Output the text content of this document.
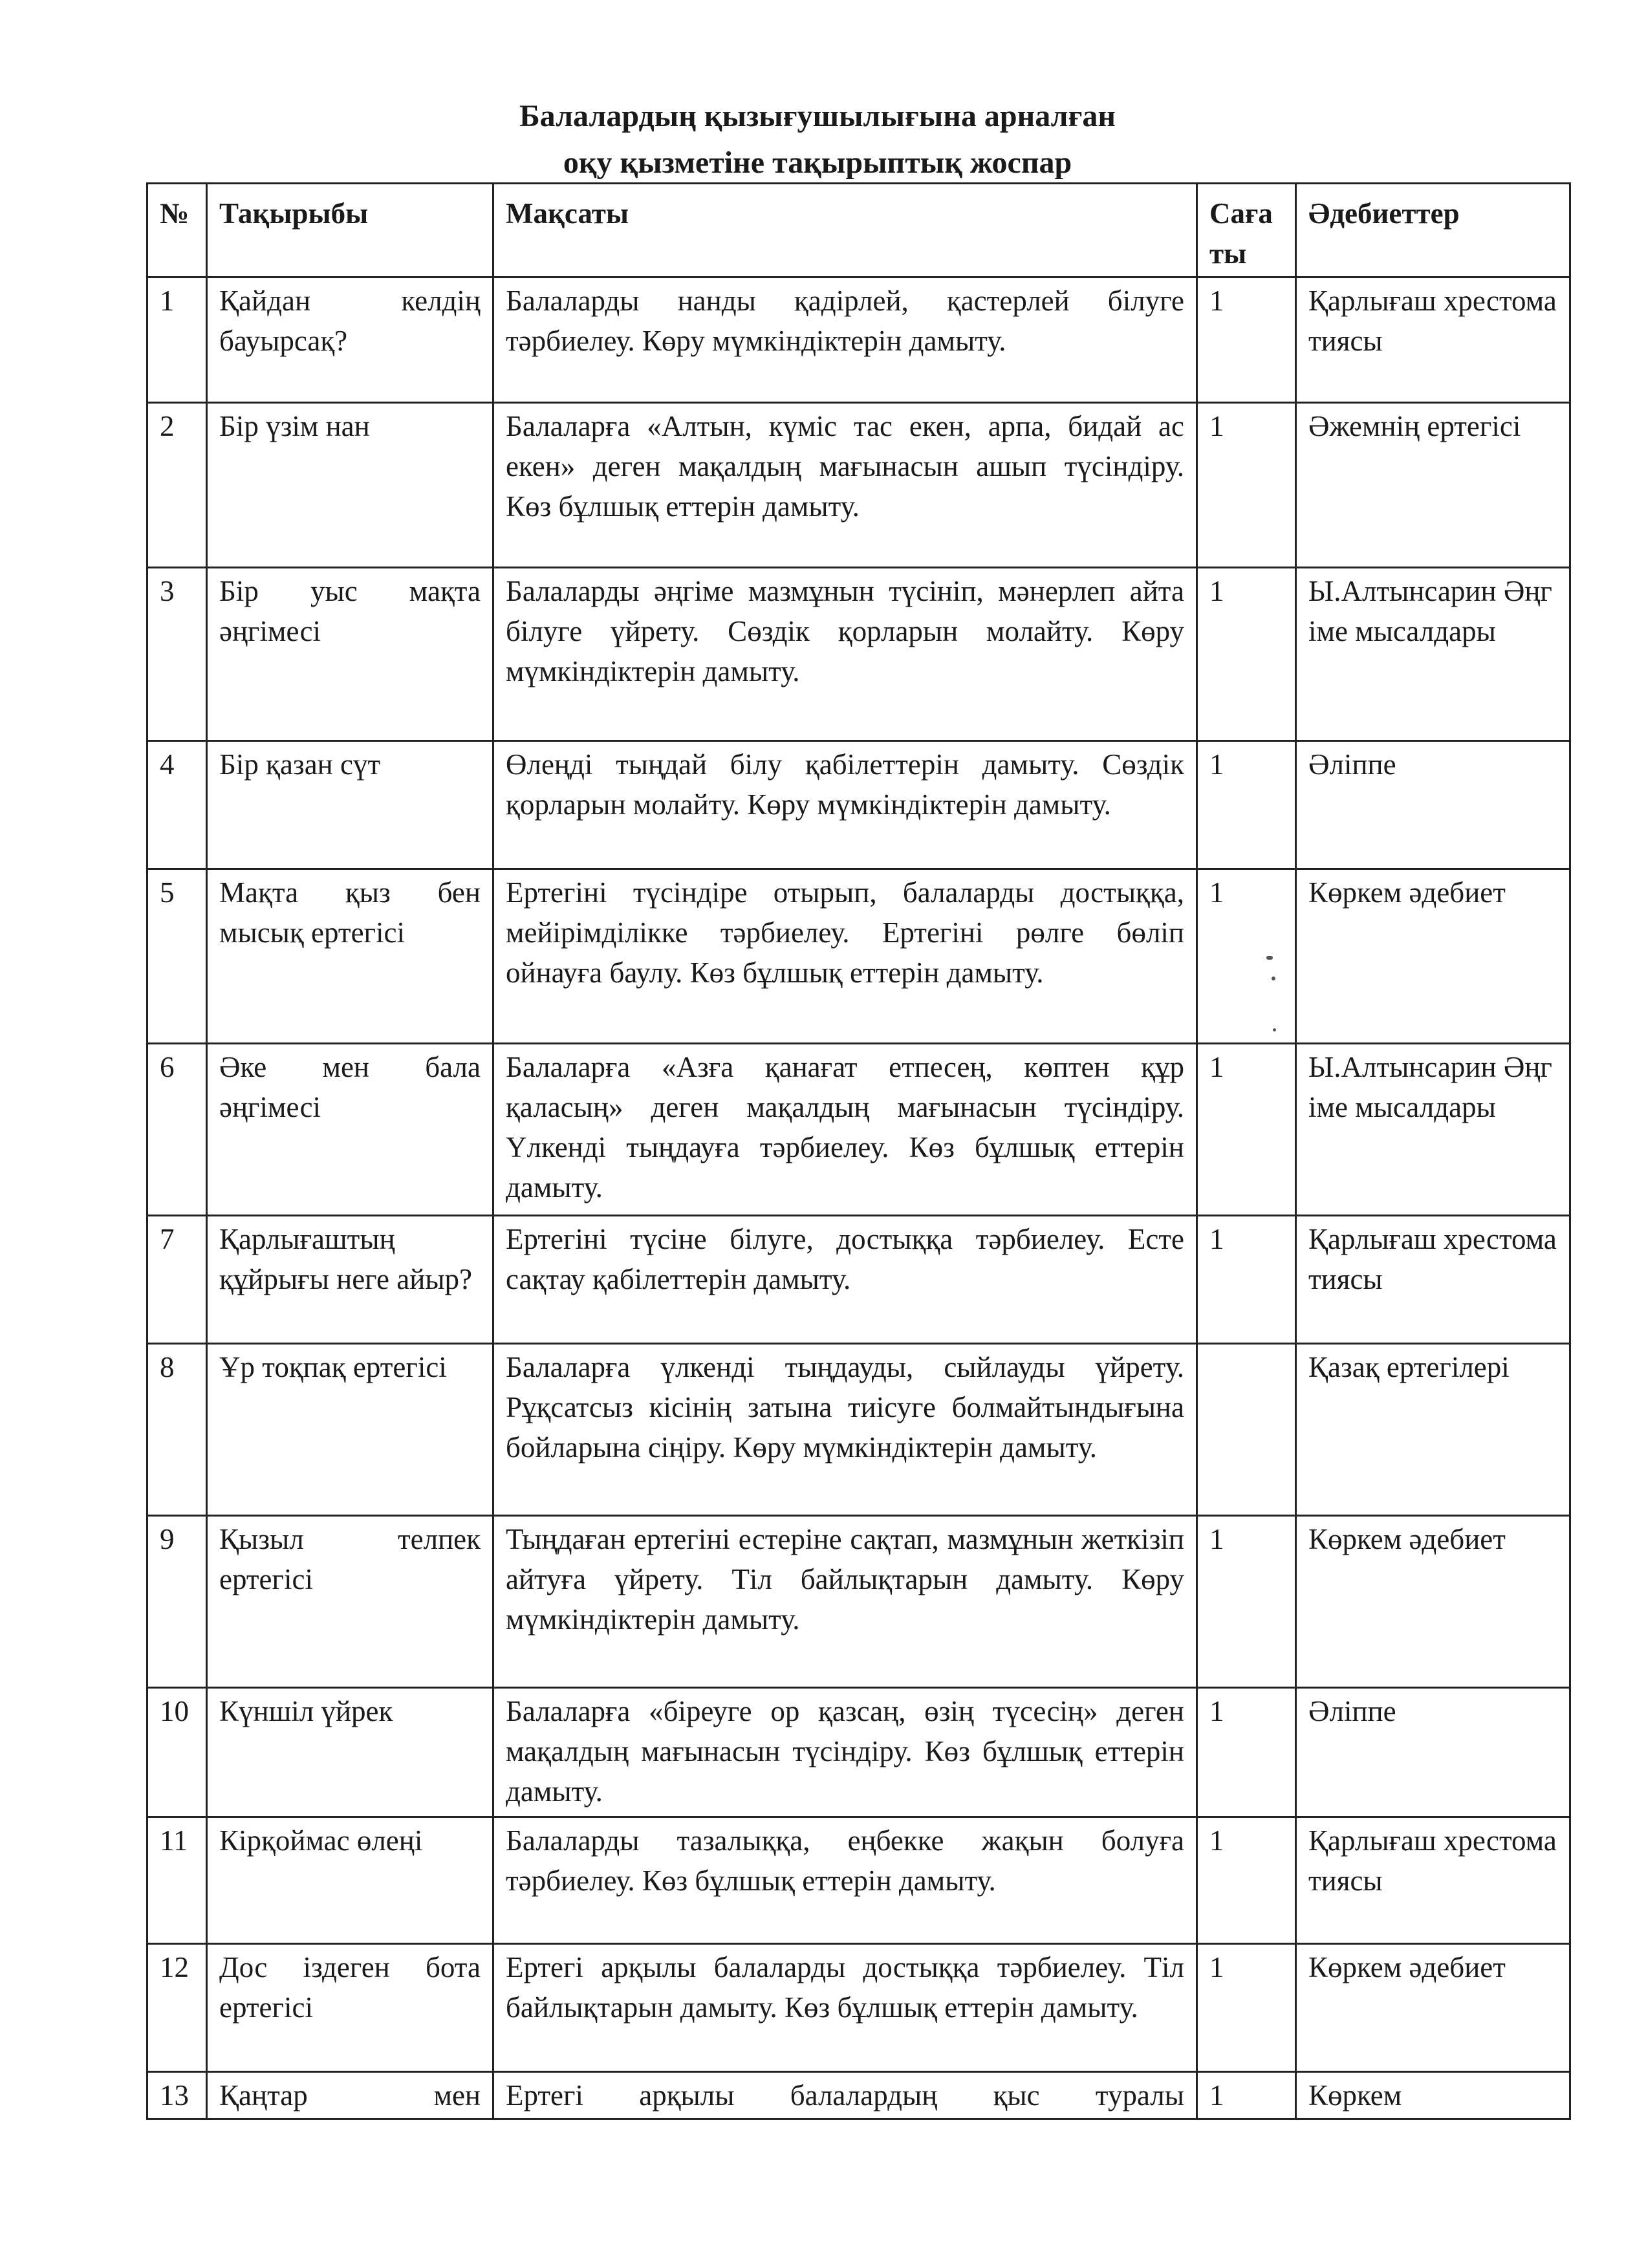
Балалардың қызығушылығына арналған
оқу қызметіне тақырыптық жоспар
№	Тақырыбы	Мақсаты	Сағаты	Әдебиеттер
1	Қайдан келдің бауырсақ?	Балаларды нанды қадірлей, қастерлей білуге тәрбиелеу. Көру мүмкіндіктерін дамыту.	1	Қарлығаш хрестоматиясы
2	Бір үзім нан	Балаларға «Алтын, күміс тас екен, арпа, бидай ас екен» деген мақалдың мағынасын ашып түсіндіру. Көз бұлшық еттерін дамыту.	1	Әжемнің ертегісі
3	Бір уыс мақта әңгімесі	Балаларды әңгіме мазмұнын түсініп, мәнерлеп айта білуге үйрету. Сөздік қорларын молайту. Көру мүмкіндіктерін дамыту.	1	Ы.Алтынсарин Әңгіме мысалдары
4	Бір қазан сүт	Өлеңді тыңдай білу қабілеттерін дамыту. Сөздік қорларын молайту. Көру мүмкіндіктерін дамыту.	1	Әліппе
5	Мақта қыз бен мысық ертегісі	Ертегіні түсіндіре отырып, балаларды достыққа, мейірімділікке тәрбиелеу. Ертегіні рөлге бөліп ойнауға баулу. Көз бұлшық еттерін дамыту.	1	Көркем әдебиет
6	Әке мен бала әңгімесі	Балаларға «Азға қанағат етпесең, көптен құр қаласың» деген мақалдың мағынасын түсіндіру. Үлкенді тыңдауға тәрбиелеу. Көз бұлшық еттерін дамыту.	1	Ы.Алтынсарин Әңгіме мысалдары
7	Қарлығаштың құйрығы неге айыр?	Ертегіні түсіне білуге, достыққа тәрбиелеу. Есте сақтау қабілеттерін дамыту.	1	Қарлығаш хрестоматиясы
8	Ұр тоқпақ ертегісі	Балаларға үлкенді тыңдауды, сыйлауды үйрету. Рұқсатсыз кісінің затына тиісуге болмайтындығына бойларына сіңіру. Көру мүмкіндіктерін дамыту.		Қазақ ертегілері
9	Қызыл телпек ертегісі	Тыңдаған ертегіні естеріне сақтап, мазмұнын жеткізіп айтуға үйрету. Тіл байлықтарын дамыту. Көру мүмкіндіктерін дамыту.	1	Көркем әдебиет
10	Күншіл үйрек	Балаларға «біреуге ор қазсаң, өзің түсесің» деген мақалдың мағынасын түсіндіру. Көз бұлшық еттерін дамыту.	1	Әліппе
11	Кірқоймас өлеңі	Балаларды тазалыққа, еңбекке жақын болуға тәрбиелеу. Көз бұлшық еттерін дамыту.	1	Қарлығаш хрестоматиясы
12	Дос іздеген бота ертегісі	Ертегі арқылы балаларды достыққа тәрбиелеу. Тіл байлықтарын дамыту. Көз бұлшық еттерін дамыту.	1	Көркем әдебиет
13	Қаңтар мен	Ертегі арқылы балалардың қыс туралы	1	Көркем
